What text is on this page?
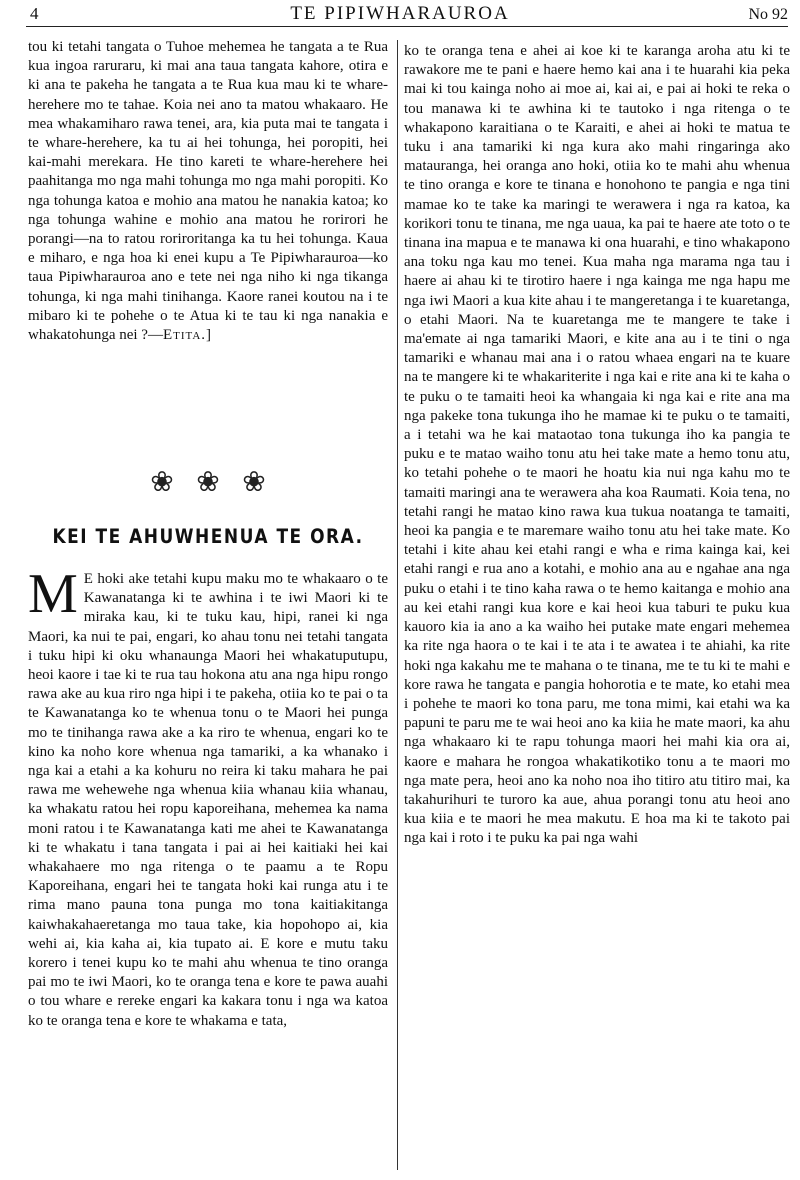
4	TE PIPIWHARAUROA	No 92

tou ki tetahi tangata o Tuhoe mehemea he tangata a te Rua kua ingoa raruraru, ki mai ana taua tangata kahore, otira e ki ana te pakeha he tangata a te Rua kua mau ki te whare-herehere mo te tahae. Koia nei ano ta matou whakaaro. He mea whakamiharo rawa tenei, ara, kia puta mai te tangata i te whare-herehere, ka tu ai hei tohunga, hei poropiti, hei kai-mahi merekara. He tino kareti te whare-herehere hei paahitanga mo nga mahi tohunga mo nga mahi poropiti. Ko nga tohunga katoa e mohio ana matou he nanakia katoa; ko nga tohunga wahine e mohio ana matou he rorirori he porangi—na to ratou roriroritanga ka tu hei tohunga. Kaua e miharo, e nga hoa ki enei kupu a Te Pipiwharauroa—ko taua Pipiwharauroa ano e tete nei nga niho ki nga tikanga tohunga, ki nga mahi tinihanga. Kaore ranei koutou na i te mibaro ki te pohehe o te Atua ki te tau ki nga nanakia e whakatohunga nei ?—Etita.]

❀ ❀ ❀
KEI TE AHUWHENUA TE ORA.

M E hoki ake tetahi kupu maku mo te whakaaro o te Kawanatanga ki te awhina i te iwi Maori ki te miraka kau, ki te tuku kau, hipi, ranei ki nga Maori, ka nui te pai, engari, ko ahau tonu nei tetahi tangata i tuku hipi ki oku whanaunga Maori hei whakatuputupu, heoi kaore i tae ki te rua tau hokona atu ana nga hipu rongo rawa ake au kua riro nga hipi i te pakeha, otiia ko te pai o ta te Kawanatanga ko te whenua tonu o te Maori hei punga mo te tinihanga rawa ake a ka riro te whenua, engari ko te kino ka noho kore whenua nga tamariki, a ka whanako i nga kai a etahi a ka kohuru no reira ki taku mahara he pai rawa me wehewehe nga whenua kiia whanau kiia whanau, ka whakatu ratou hei ropu kaporeihana, mehemea ka nama moni ratou i te Kawanatanga kati me ahei te Kawanatanga ki te whakatu i tana tangata i pai ai hei kaitiaki hei kai whakahaere mo nga ritenga o te paamu a te Ropu Kaporeihana, engari hei te tangata hoki kai runga atu i te rima mano pauna tona punga mo tona kaitiakitanga kaiwhakahaeretanga mo taua take, kia hopohopo ai, kia wehi ai, kia kaha ai, kia tupato ai. E kore e mutu taku korero i tenei kupu ko te mahi ahu whenua te tino oranga pai mo te iwi Maori, ko te oranga tena e kore te pawa auahi o tou whare e rereke engari ka kakara tonu i nga wa katoa ko te oranga tena e kore te whakama e tata,

ko te oranga tena e ahei ai koe ki te karanga aroha atu ki te rawakore me te pani e haere hemo kai ana i te huarahi kia peka mai ki tou kainga noho ai moe ai, kai ai, e pai ai hoki te reka o tou manawa ki te awhina ki te tautoko i nga ritenga o te whakapono karaitiana o te Karaiti, e ahei ai hoki te matua te tuku i ana tamariki ki nga kura ako mahi ringaringa ako matauranga, hei oranga ano hoki, otiia ko te mahi ahu whenua te tino oranga e kore te tinana e honohono te pangia e nga tini mamae ko te take ka maringi te werawera i nga ra katoa, ka korikori tonu te tinana, me nga uaua, ka pai te haere ate toto o te tinana ina mapua e te manawa ki ona huarahi, e tino whakapono ana toku nga kau mo tenei. Kua maha nga marama nga tau i haere ai ahau ki te tirotiro haere i nga kainga me nga hapu me nga iwi Maori a kua kite ahau i te mangeretanga i te kuaretanga, o etahi Maori. Na te kuaretanga me te mangere te take i ma'emate ai nga tamariki Maori, e kite ana au i te tini o nga tamariki e whanau mai ana i o ratou whaea engari na te kuare na te mangere ki te whakariterite i nga kai e rite ana ki te kaha o te puku o te tamaiti heoi ka whangaia ki nga kai e rite ana ma nga pakeke tona tukunga iho he mamae ki te puku o te tamaiti, a i tetahi wa he kai mataotao tona tukunga iho ka pangia te puku e te matao waiho tonu atu hei take mate a hemo tonu atu, ko tetahi pohehe o te maori he hoatu kia nui nga kahu mo te tamaiti maringi ana te werawera aha koa Raumati. Koia tena, no tetahi rangi he matao kino rawa kua tukua noatanga te tamaiti, heoi ka pangia e te maremare waiho tonu atu hei take mate. Ko tetahi i kite ahau kei etahi rangi e wha e rima kainga kai, kei etahi rangi e rua ano a kotahi, e mohio ana au e ngahae ana nga puku o etahi i te tino kaha rawa o te hemo kaitanga e mohio ana au kei etahi rangi kua kore e kai heoi kua taburi te puku kua kauoro kia ia ano a ka waiho hei putake mate engari mehemea ka rite nga haora o te kai i te ata i te awatea i te ahiahi, ka rite hoki nga kakahu me te mahana o te tinana, me te tu ki te mahi e kore rawa he tangata e pangia hohorotia e te mate, ko etahi mea i pohehe te maori ko tona paru, me tona mimi, kai etahi wa ka papuni te paru me te wai heoi ano ka kiia he mate maori, ka ahu nga whakaaro ki te rapu tohunga maori hei mahi kia ora ai, kaore e mahara he rongoa whakatikotiko tonu a te maori mo nga mate pera, heoi ano ka noho noa iho titiro atu titiro mai, ka takahurihuri te turoro ka aue, ahua porangi tonu atu heoi ano kua kiia e te maori he mea makutu. E hoa ma ki te takoto pai nga kai i roto i te puku ka pai nga wahi
